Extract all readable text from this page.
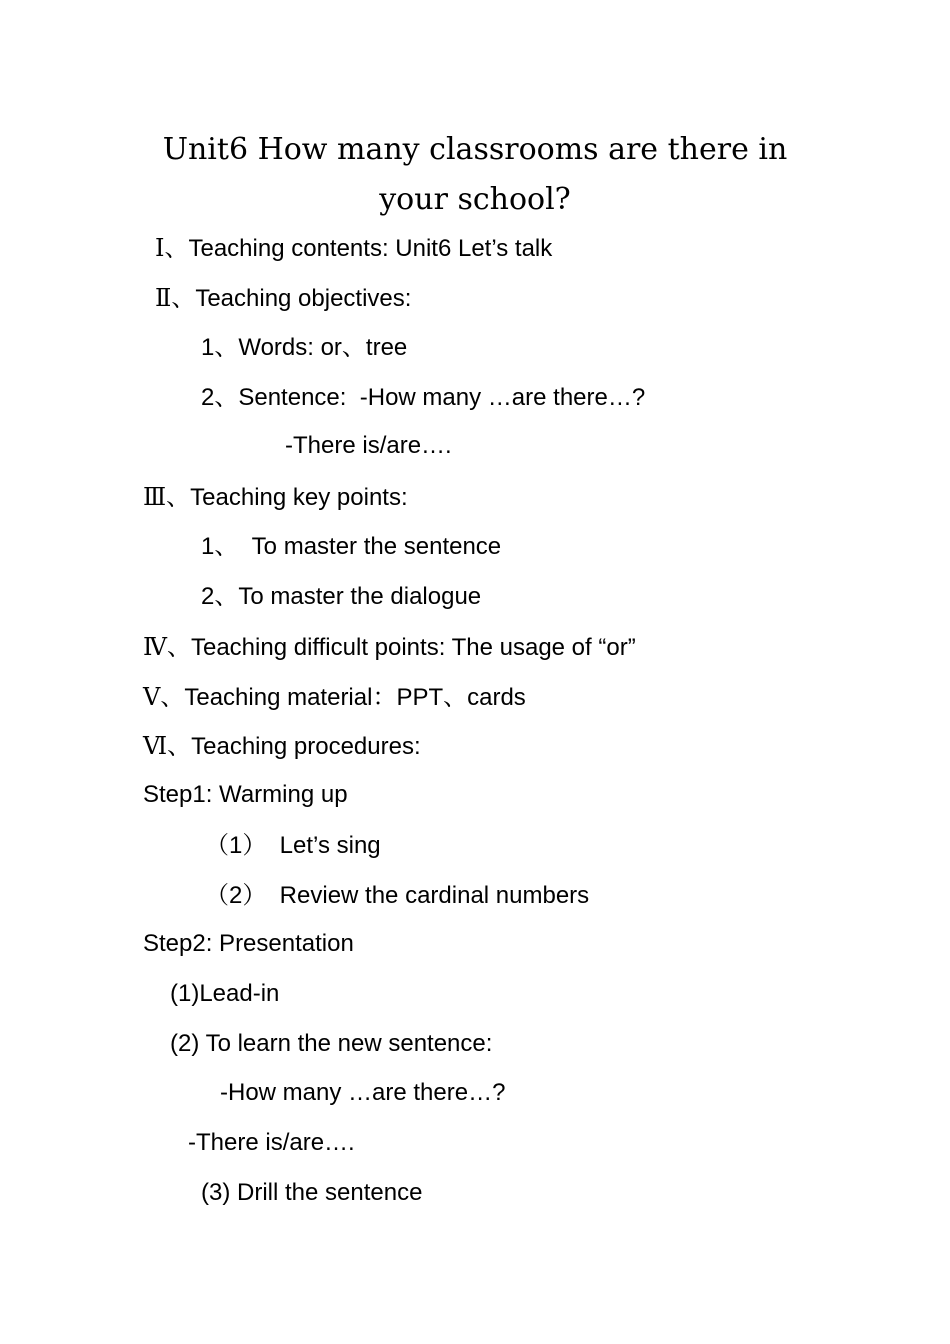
Unit6 How many classrooms are there in
your school?
Ⅰ、Teaching contents: Unit6 Let’s talk
Ⅱ、Teaching objectives:
1、Words: or、tree
2、Sentence:  -How many …are there…?
-There is/are….
Ⅲ、Teaching key points:
1、  To master the sentence
2、To master the dialogue
Ⅳ、Teaching difficult points: The usage of “or”
Ⅴ、Teaching material：PPT、cards
Ⅵ、Teaching procedures:
Step1: Warming up
（1）  Let’s sing
（2）  Review the cardinal numbers
Step2: Presentation
(1)Lead-in
(2) To learn the new sentence:
-How many …are there…?
-There is/are….
(3) Drill the sentence
